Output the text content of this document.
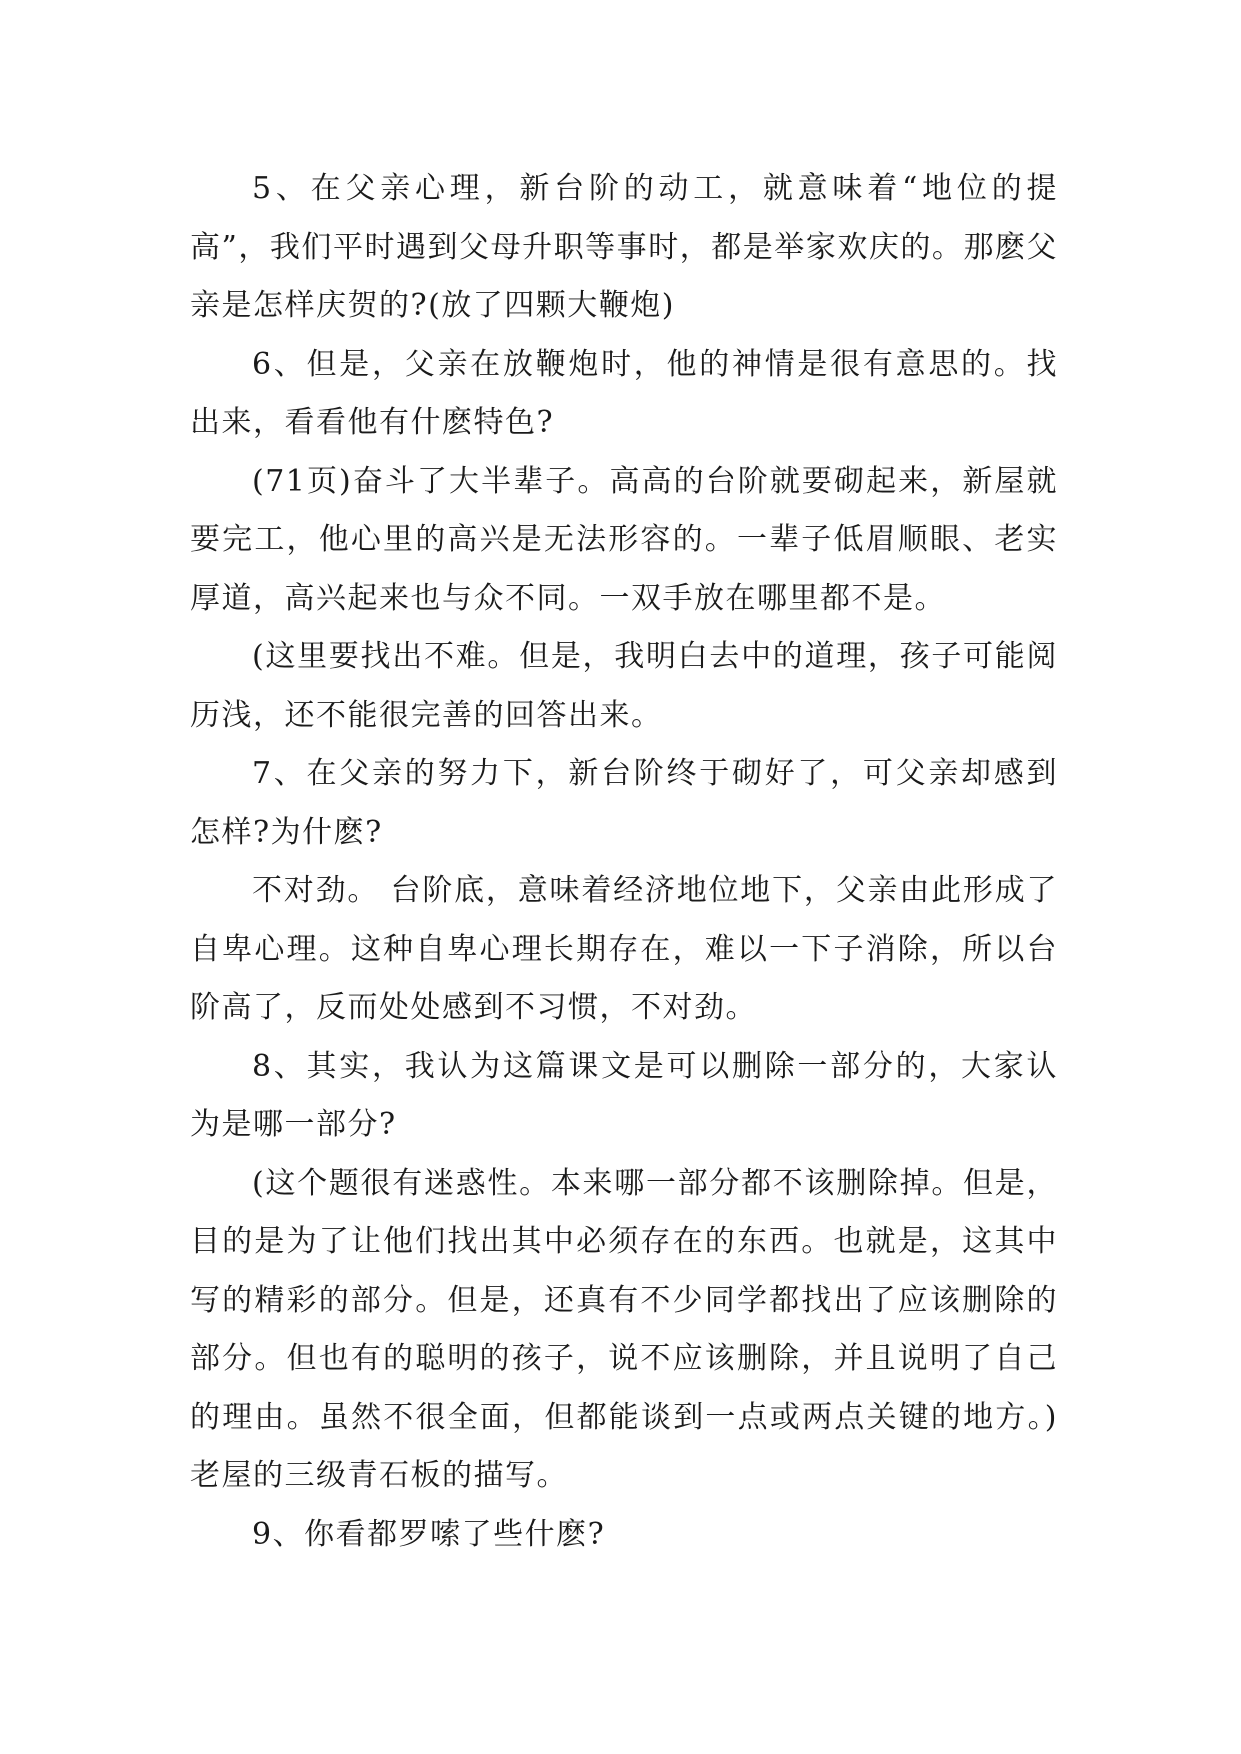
5、在父亲心理，新台阶的动工，就意味着“地位的提高”，我们平时遇到父母升职等事时，都是举家欢庆的。那麽父亲是怎样庆贺的?(放了四颗大鞭炮)

6、但是，父亲在放鞭炮时，他的神情是很有意思的。找出来，看看他有什麽特色?

(71页)奋斗了大半辈子。高高的台阶就要砌起来，新屋就要完工，他心里的高兴是无法形容的。一辈子低眉顺眼、老实厚道，高兴起来也与众不同。一双手放在哪里都不是。

(这里要找出不难。但是，我明白去中的道理，孩子可能阅历浅，还不能很完善的回答出来。

7、在父亲的努力下，新台阶终于砌好了，可父亲却感到怎样?为什麽?

不对劲。 台阶底，意味着经济地位地下，父亲由此形成了自卑心理。这种自卑心理长期存在，难以一下子消除，所以台阶高了，反而处处感到不习惯，不对劲。

8、其实，我认为这篇课文是可以删除一部分的，大家认为是哪一部分?

(这个题很有迷惑性。本来哪一部分都不该删除掉。但是，目的是为了让他们找出其中必须存在的东西。也就是，这其中写的精彩的部分。但是，还真有不少同学都找出了应该删除的部分。但也有的聪明的孩子，说不应该删除，并且说明了自己的理由。虽然不很全面，但都能谈到一点或两点关键的地方。)老屋的三级青石板的描写。

9、你看都罗嗦了些什麽?
